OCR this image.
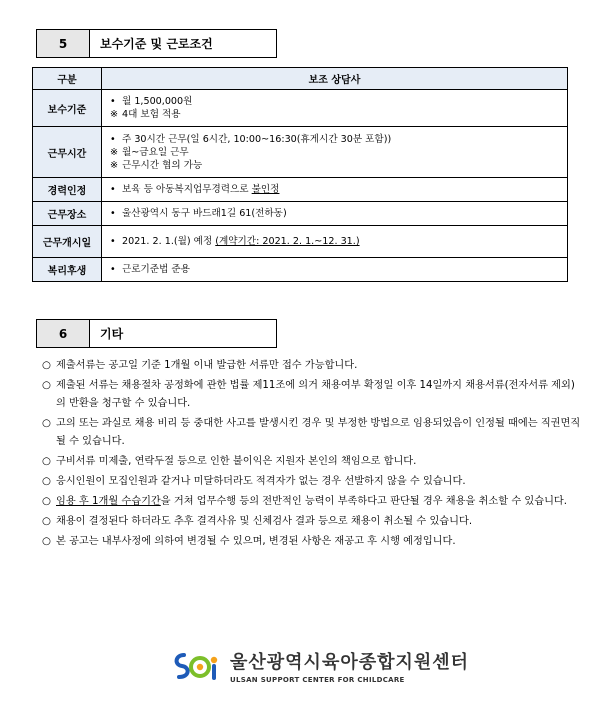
5	보수기준 및 근로조건
구분	보조 상담사
보수기준	• 월 1,500,000원
※ 4대 보험 적용

근무시간	• 주 30시간 근무(일 6시간, 10:00~16:30(휴게시간 30분 포함))
※ 월~금요일 근무
※ 근무시간 협의 가능

경력인정	• 보육 등 아동복지업무경력으로 불인정
근무장소	• 울산광역시 동구 바드래1길 61(전하동)
근무개시일	• 2021. 2. 1.(월) 예정 (계약기간: 2021. 2. 1.~12. 31.)
복리후생	• 근로기준법 준용
6	기타
○ 제출서류는 공고일 기준 1개월 이내 발급한 서류만 접수 가능합니다.
○ 제출된 서류는 채용절차 공정화에 관한 법률 제11조에 의거 채용여부 확정일 이후 14일까지 채용서류(전자서류 제외)의 반환을 청구할 수 있습니다.
○ 고의 또는 과실로 채용 비리 등 중대한 사고를 발생시킨 경우 및 부정한 방법으로 임용되었음이 인정될 때에는 직권면직 될 수 있습니다.
○ 구비서류 미제출, 연락두절 등으로 인한 불이익은 지원자 본인의 책임으로 합니다.
○ 응시인원이 모집인원과 같거나 미달하더라도 적격자가 없는 경우 선발하지 않을 수 있습니다.
○ 임용 후 1개월 수습기간을 거쳐 업무수행 등의 전반적인 능력이 부족하다고 판단될 경우 채용을 취소할 수 있습니다.
○ 채용이 결정된다 하더라도 추후 결격사유 및 신체검사 결과 등으로 채용이 취소될 수 있습니다.
○ 본 공고는 내부사정에 의하여 변경될 수 있으며, 변경된 사항은 재공고 후 시행 예정입니다.
울산광역시육아종합지원센터
ULSAN SUPPORT CENTER FOR CHILDCARE
